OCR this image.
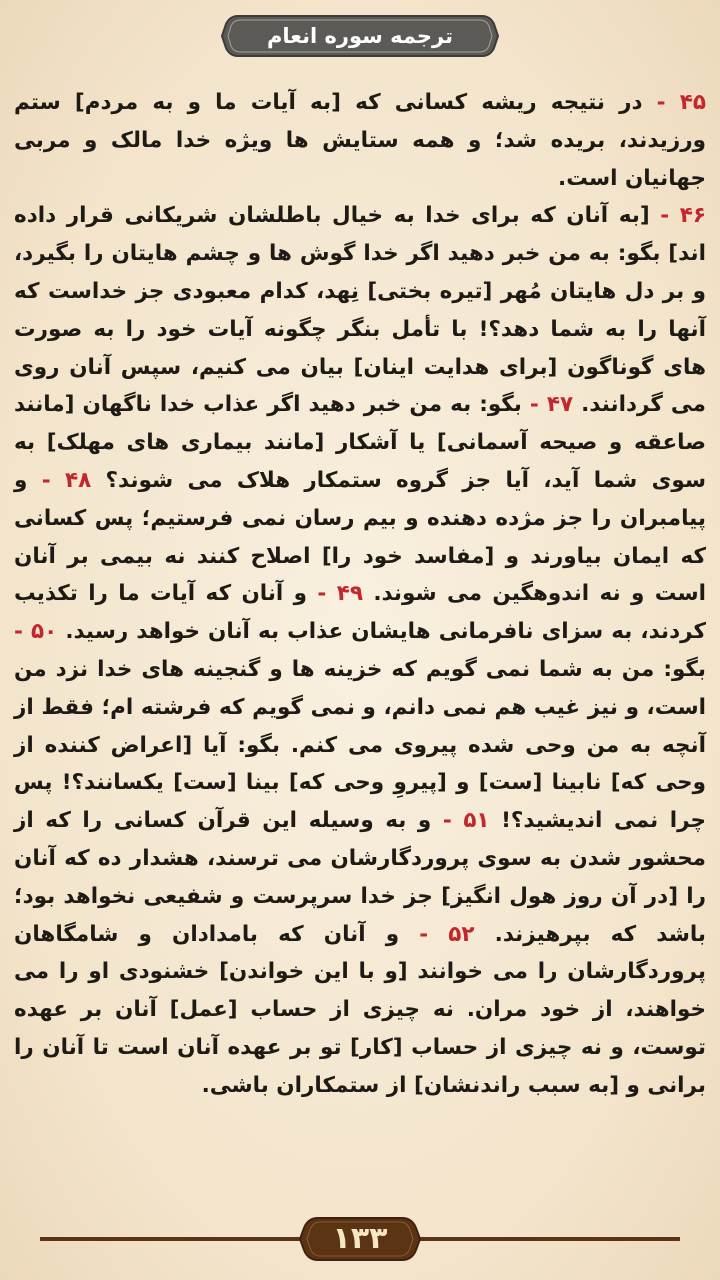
ترجمه سوره انعام

۴۵ - در نتیجه ریشه کسانی که [به آیات ما و به مردم] ستم ورزیدند، بریده شد؛ و همه ستایش ها ویژه خدا مالک و مربی جهانیان است.

۴۶ - [به آنان که برای خدا به خیال باطلشان شریکانی قرار داده اند] بگو: به من خبر دهید اگر خدا گوش ها و چشم هایتان را بگیرد، و بر دل هایتان مُهر [تیره بختی] نِهد، کدام معبودی جز خداست که آنها را به شما دهد؟! با تأمل بنگر چگونه آیات خود را به صورت های گوناگون [برای هدایت اینان] بیان می کنیم، سپس آنان روی می گردانند. ۴۷ - بگو: به من خبر دهید اگر عذاب خدا ناگهان [مانند صاعقه و صیحه آسمانی] یا آشکار [مانند بیماری های مهلک] به سوی شما آید، آیا جز گروه ستمکار هلاک می شوند؟ ۴۸ - و پیامبران را جز مژده دهنده و بیم رسان نمی فرستیم؛ پس کسانی که ایمان بیاورند و [مفاسد خود را] اصلاح کنند نه بیمی بر آنان است و نه اندوهگین می شوند. ۴۹ - و آنان که آیات ما را تکذیب کردند، به سزای نافرمانی هایشان عذاب به آنان خواهد رسید. ۵۰ - بگو: من به شما نمی گویم که خزینه ها و گنجینه های خدا نزد من است، و نیز غیب هم نمی دانم، و نمی گویم که فرشته ام؛ فقط از آنچه به من وحی شده پیروی می کنم. بگو: آیا [اعراض کننده از وحی که] نابینا [ست] و [پیروِ وحی که] بینا [ست] یکسانند؟! پس چرا نمی اندیشید؟! ۵۱ - و به وسیله این قرآن کسانی را که از محشور شدن به سوی پروردگارشان می ترسند، هشدار ده که آنان را [در آن روز هول انگیز] جز خدا سرپرست و شفیعی نخواهد بود؛ باشد که بپرهیزند. ۵۲ - و آنان که بامدادان و شامگاهان پروردگارشان را می خوانند [و با این خواندن] خشنودی او را می خواهند، از خود مران. نه چیزی از حساب [عمل] آنان بر عهده توست، و نه چیزی از حساب [کار] تو بر عهده آنان است تا آنان را برانی و [به سبب راندنشان] از ستمکاران باشی.

۱۳۳
